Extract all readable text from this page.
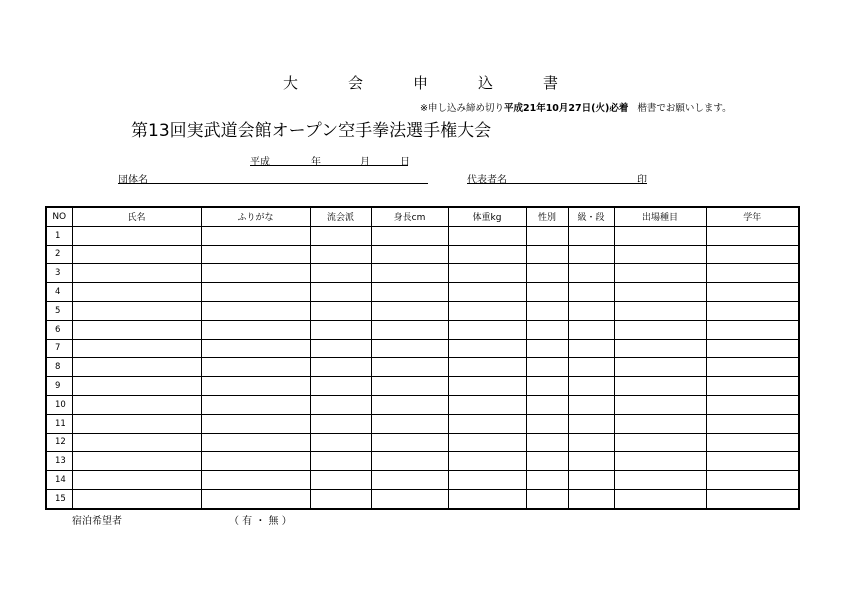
大	会	申	込	書
※申し込み締め切り平成21年10月27日(火)必着 楷書でお願いします。
第13回実武道会館オープン空手拳法選手権大会
平成	年	月	日
団体名	代表者名	印
NO	氏名	ふりがな	流会派	身長cm	体重kg	性別	級・段	出場種目	学年
1									
2									
3									
4									
5									
6									
7									
8									
9									
10									
11									
12									
13									
14									
15									
宿泊希望者	（ 有 ・ 無 ）
